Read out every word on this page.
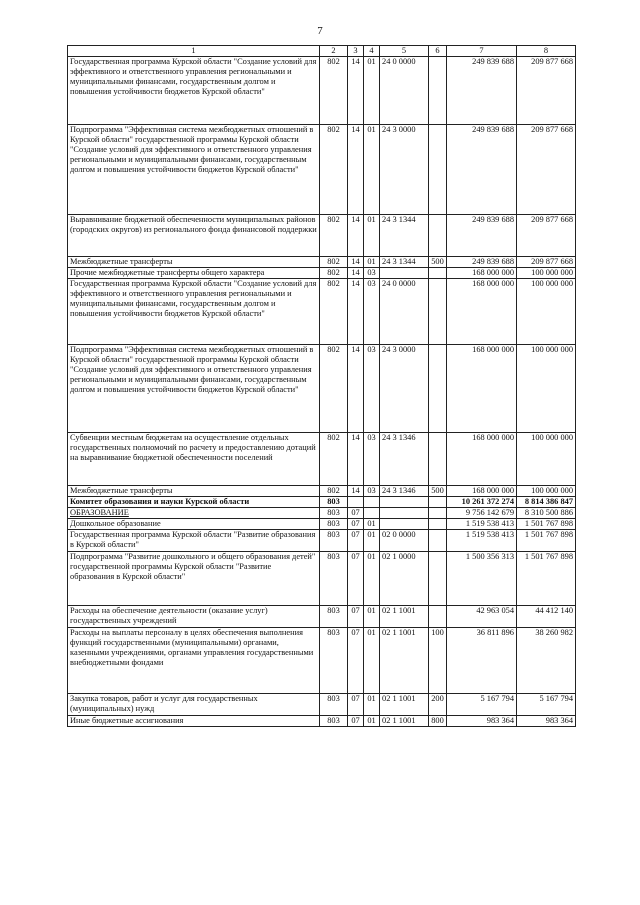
7
1	2	3	4	5	6	7	8
Государственная программа Курской области "Создание условий для эффективного и ответственного управления региональными и муниципальными финансами, государственным долгом и повышения устойчивости бюджетов Курской области"	802	14	01	24 0 0000		249 839 688	209 877 668
Подпрограмма "Эффективная система межбюджетных отношений в Курской области" государственной программы Курской области "Создание условий для эффективного и ответственного управления региональными и муниципальными финансами, государственным долгом и повышения устойчивости бюджетов Курской области"	802	14	01	24 3 0000		249 839 688	209 877 668
Выравнивание бюджетной обеспеченности муниципальных районов (городских округов) из регионального фонда финансовой поддержки	802	14	01	24 3 1344		249 839 688	209 877 668
Межбюджетные трансферты	802	14	01	24 3 1344	500	249 839 688	209 877 668
Прочие межбюджетные трансферты общего характера	802	14	03			168 000 000	100 000 000
Государственная программа Курской области "Создание условий для эффективного и ответственного управления региональными и муниципальными финансами, государственным долгом и повышения устойчивости бюджетов Курской области"	802	14	03	24 0 0000		168 000 000	100 000 000
Подпрограмма "Эффективная система межбюджетных отношений в Курской области" государственной программы Курской области "Создание условий для эффективного и ответственного управления региональными и муниципальными финансами, государственным долгом и повышения устойчивости бюджетов Курской области"	802	14	03	24 3 0000		168 000 000	100 000 000
Субвенции местным бюджетам на осуществление отдельных государственных полномочий по расчету и предоставлению дотаций на выравнивание бюджетной обеспеченности поселений	802	14	03	24 3 1346		168 000 000	100 000 000
Межбюджетные трансферты	802	14	03	24 3 1346	500	168 000 000	100 000 000
Комитет образования и науки Курской области	803					10 261 372 274	8 814 386 847
ОБРАЗОВАНИЕ	803	07				9 756 142 679	8 310 500 886
Дошкольное образование	803	07	01			1 519 538 413	1 501 767 898
Государственная программа Курской области "Развитие образования в Курской области"	803	07	01	02 0 0000		1 519 538 413	1 501 767 898
Подпрограмма "Развитие дошкольного и общего образования детей" государственной программы Курской области "Развитие образования в Курской области"	803	07	01	02 1 0000		1 500 356 313	1 501 767 898
Расходы на обеспечение деятельности (оказание услуг) государственных учреждений	803	07	01	02 1 1001		42 963 054	44 412 140
Расходы на выплаты персоналу в целях обеспечения выполнения функций государственными (муниципальными) органами, казенными учреждениями, органами управления государственными внебюджетными фондами	803	07	01	02 1 1001	100	36 811 896	38 260 982
Закупка товаров, работ и услуг для государственных (муниципальных) нужд	803	07	01	02 1 1001	200	5 167 794	5 167 794
Иные бюджетные ассигнования	803	07	01	02 1 1001	800	983 364	983 364
